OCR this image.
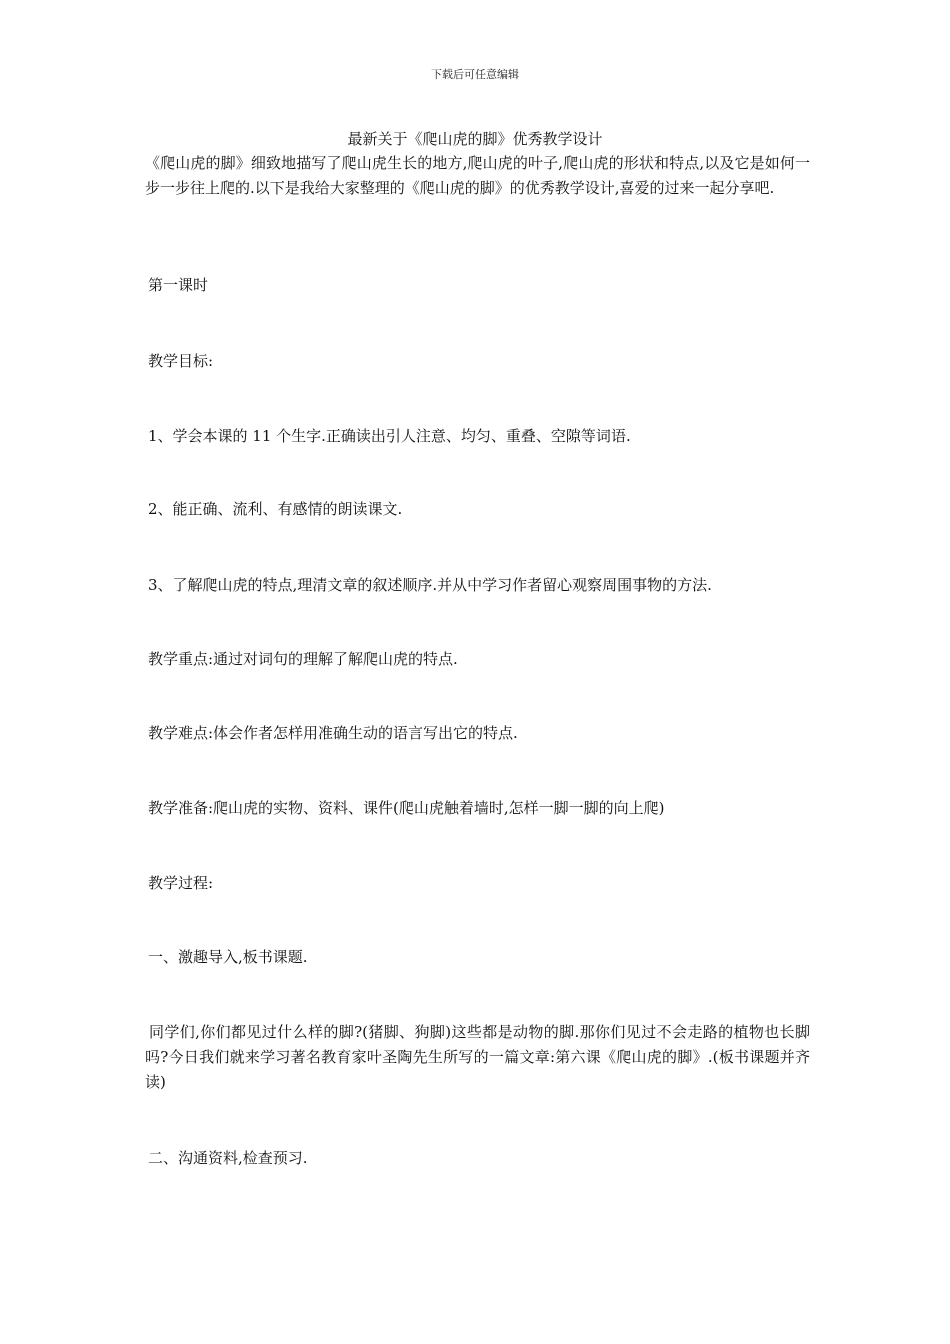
下载后可任意编辑
最新关于《爬山虎的脚》优秀教学设计

《爬山虎的脚》细致地描写了爬山虎生长的地方,爬山虎的叶子,爬山虎的形状和特点,以及它是如何一步一步往上爬的.以下是我给大家整理的《爬山虎的脚》的优秀教学设计,喜爱的过来一起分享吧.

第一课时

教学目标:

1、学会本课的 11 个生字.正确读出引人注意、均匀、重叠、空隙等词语.

2、能正确、流利、有感情的朗读课文.

3、了解爬山虎的特点,理清文章的叙述顺序.并从中学习作者留心观察周围事物的方法.

教学重点:通过对词句的理解了解爬山虎的特点.

教学难点:体会作者怎样用准确生动的语言写出它的特点.

教学准备:爬山虎的实物、资料、课件(爬山虎触着墙时,怎样一脚一脚的向上爬)

教学过程:

一、激趣导入,板书课题.

同学们,你们都见过什么样的脚?(猪脚、狗脚)这些都是动物的脚.那你们见过不会走路的植物也长脚吗?今日我们就来学习著名教育家叶圣陶先生所写的一篇文章:第六课《爬山虎的脚》.(板书课题并齐读)

二、沟通资料,检查预习.
